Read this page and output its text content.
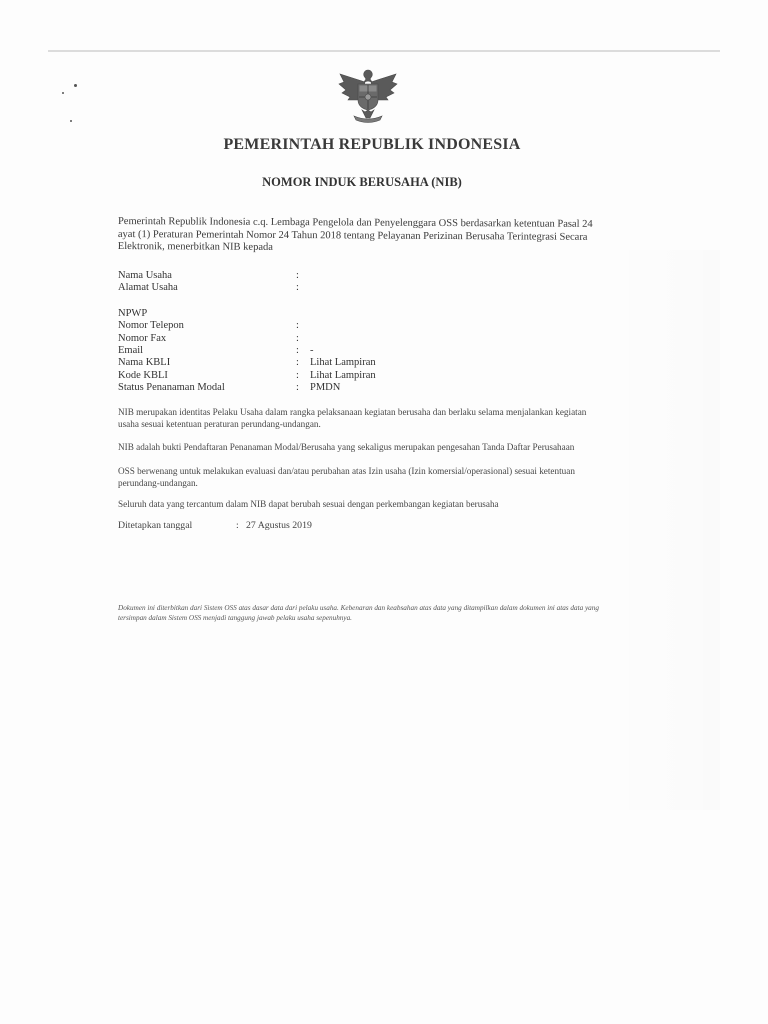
PEMERINTAH REPUBLIK INDONESIA
NOMOR INDUK BERUSAHA (NIB)
Pemerintah Republik Indonesia c.q. Lembaga Pengelola dan Penyelenggara OSS berdasarkan ketentuan Pasal 24 ayat (1) Peraturan Pemerintah Nomor 24 Tahun 2018 tentang Pelayanan Perizinan Berusaha Terintegrasi Secara Elektronik, menerbitkan NIB kepada
Nama Usaha	:
Alamat Usaha	:
NPWP
Nomor Telepon	:
Nomor Fax	:
Email	:	-
Nama KBLI	:	Lihat Lampiran
Kode KBLI	:	Lihat Lampiran
Status Penanaman Modal	:	PMDN
NIB merupakan identitas Pelaku Usaha dalam rangka pelaksanaan kegiatan berusaha dan berlaku selama menjalankan kegiatan usaha sesuai ketentuan peraturan perundang-undangan.
NIB adalah bukti Pendaftaran Penanaman Modal/Berusaha yang sekaligus merupakan pengesahan Tanda Daftar Perusahaan
OSS berwenang untuk melakukan evaluasi dan/atau perubahan atas Izin usaha (Izin komersial/operasional) sesuai ketentuan perundang-undangan.
Seluruh data yang tercantum dalam NIB dapat berubah sesuai dengan perkembangan kegiatan berusaha
Ditetapkan tanggal	: 27 Agustus 2019
Dokumen ini diterbitkan dari Sistem OSS atas dasar data dari pelaku usaha. Kebenaran dan keabsahan atas data yang ditampilkan dalam dokumen ini atas data yang tersimpan dalam Sistem OSS menjadi tanggung jawab pelaku usaha sepenuhnya.
